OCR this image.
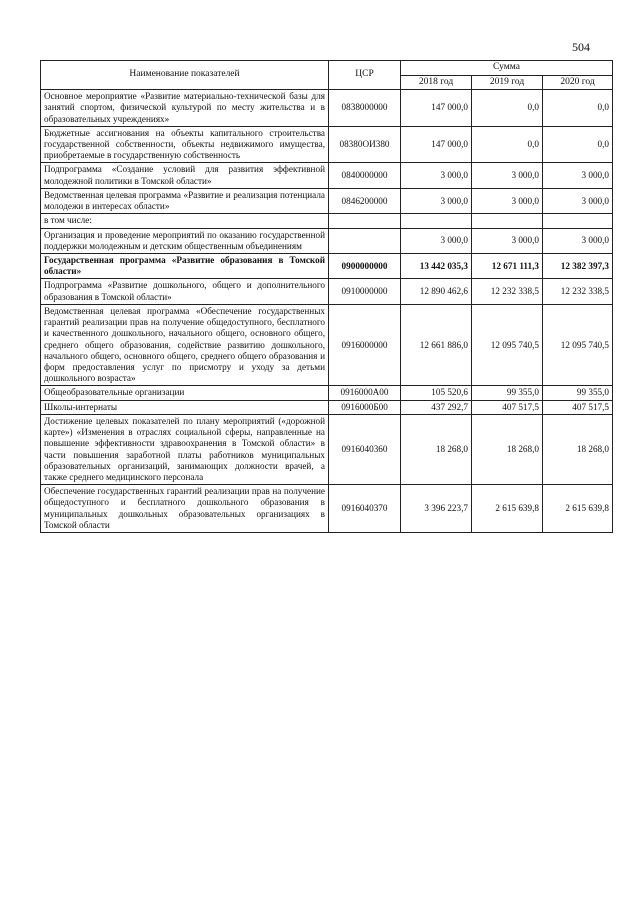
504
Наименование показателей	ЦСР	Сумма		
		2018 год	2019 год	2020 год
Основное мероприятие «Развитие материально-технической базы для занятий спортом, физической культурой по месту жительства и в образовательных учреждениях»	0838000000	147 000,0	0,0	0,0
Бюджетные ассигнования на объекты капитального строительства государственной собственности, объекты недвижимого имущества, приобретаемые в государственную собственность	08380ОИ380	147 000,0	0,0	0,0
Подпрограмма «Создание условий для развития эффективной молодежной политики в Томской области»	0840000000	3 000,0	3 000,0	3 000,0
Ведомственная целевая программа «Развитие и реализация потенциала молодежи в интересах области»	0846200000	3 000,0	3 000,0	3 000,0
в том числе:				
Организация и проведение мероприятий по оказанию государственной поддержки молодежным и детским общественным объединениям		3 000,0	3 000,0	3 000,0
Государственная программа «Развитие образования в Томской области»	0900000000	13 442 035,3	12 671 111,3	12 382 397,3
Подпрограмма «Развитие дошкольного, общего и дополнительного образования в Томской области»	0910000000	12 890 462,6	12 232 338,5	12 232 338,5
Ведомственная целевая программа «Обеспечение государственных гарантий реализации прав на получение общедоступного, бесплатного и качественного дошкольного, начального общего, основного общего, среднего общего образования, содействие развитию дошкольного, начального общего, основного общего, среднего общего образования и форм предоставления услуг по присмотру и уходу за детьми дошкольного возраста»	0916000000	12 661 886,0	12 095 740,5	12 095 740,5
Общеобразовательные организации	0916000А00	105 520,6	99 355,0	99 355,0
Школы-интернаты	0916000Б00	437 292,7	407 517,5	407 517,5
Достижение целевых показателей по плану мероприятий («дорожной карте») «Изменения в отраслях социальной сферы, направленные на повышение эффективности здравоохранения в Томской области» в части повышения заработной платы работников муниципальных образовательных организаций, занимающих должности врачей, а также среднего медицинского персонала	0916040360	18 268,0	18 268,0	18 268,0
Обеспечение государственных гарантий реализации прав на получение общедоступного и бесплатного дошкольного образования в муниципальных дошкольных образовательных организациях в Томской области	0916040370	3 396 223,7	2 615 639,8	2 615 639,8
